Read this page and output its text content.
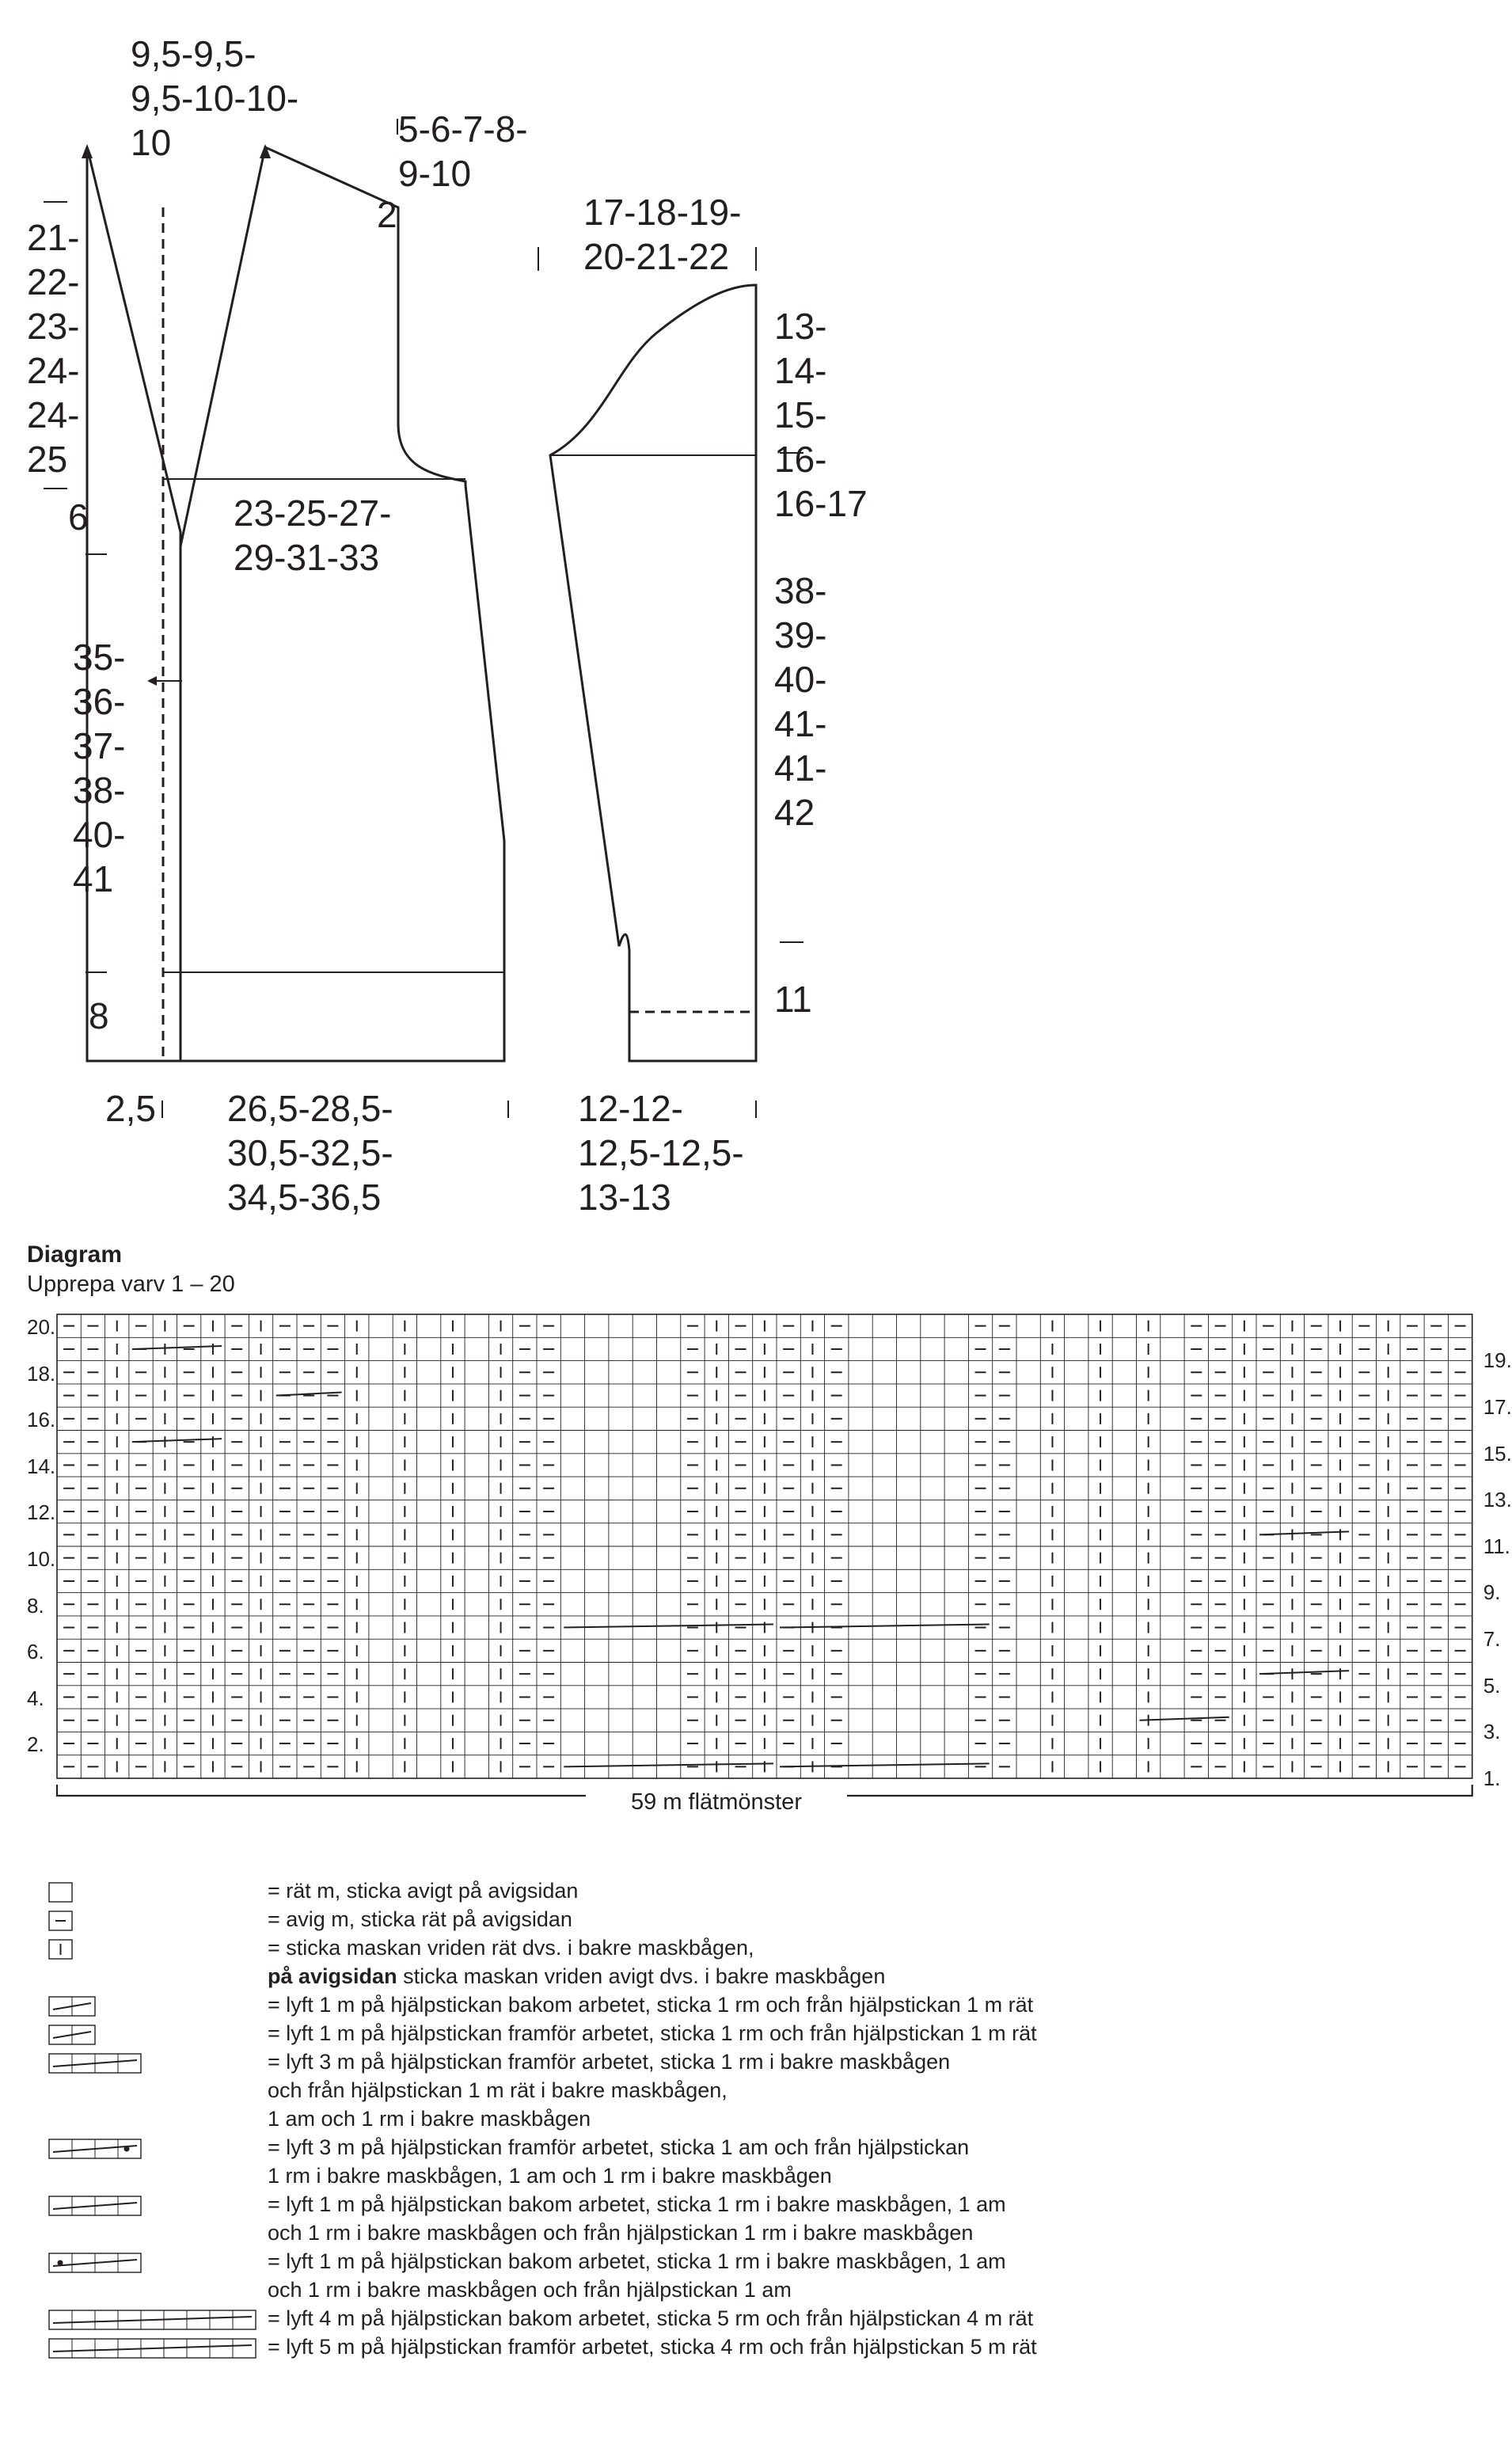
9,5-9,5-9,5-10-10-10	5-6-7-8-9-10
2
21-22-23-24-24-25
6	23-25-27-29-31-33
35-36-37-38-40-41
8
2,5 26,5-28,5-30,5-32,5-34,5-36,5
17-18-19-20-21-22
13-14-15-16-16-17
38-39-40-41-41-42
11
12-12-12,5-12,5-13-13
Diagram
Upprepa varv 1 – 20
20.
18.
16.
14.
12.
10.
8.
6.
4.
2.
19.
17.
15.
13.
11.
9.
7.
5.
3.
1.
59 m flätmönster
= rät m, sticka avigt på avigsidan
= avig m, sticka rät på avigsidan
= sticka maskan vriden rät dvs. i bakre maskbågen,
på avigsidan sticka maskan vriden avigt dvs. i bakre maskbågen
= lyft 1 m på hjälpstickan bakom arbetet, sticka 1 rm och från hjälpstickan 1 m rät
= lyft 1 m på hjälpstickan framför arbetet, sticka 1 rm och från hjälpstickan 1 m rät
= lyft 3 m på hjälpstickan framför arbetet, sticka 1 rm i bakre maskbågen
och från hjälpstickan 1 m rät i bakre maskbågen,
1 am och 1 rm i bakre maskbågen
= lyft 3 m på hjälpstickan framför arbetet, sticka 1 am och från hjälpstickan
1 rm i bakre maskbågen, 1 am och 1 rm i bakre maskbågen
= lyft 1 m på hjälpstickan bakom arbetet, sticka 1 rm i bakre maskbågen, 1 am
och 1 rm i bakre maskbågen och från hjälpstickan 1 rm i bakre maskbågen
= lyft 1 m på hjälpstickan bakom arbetet, sticka 1 rm i bakre maskbågen, 1 am
och 1 rm i bakre maskbågen och från hjälpstickan 1 am
= lyft 4 m på hjälpstickan bakom arbetet, sticka 5 rm och från hjälpstickan 4 m rät
= lyft 5 m på hjälpstickan framför arbetet, sticka 4 rm och från hjälpstickan 5 m rät
